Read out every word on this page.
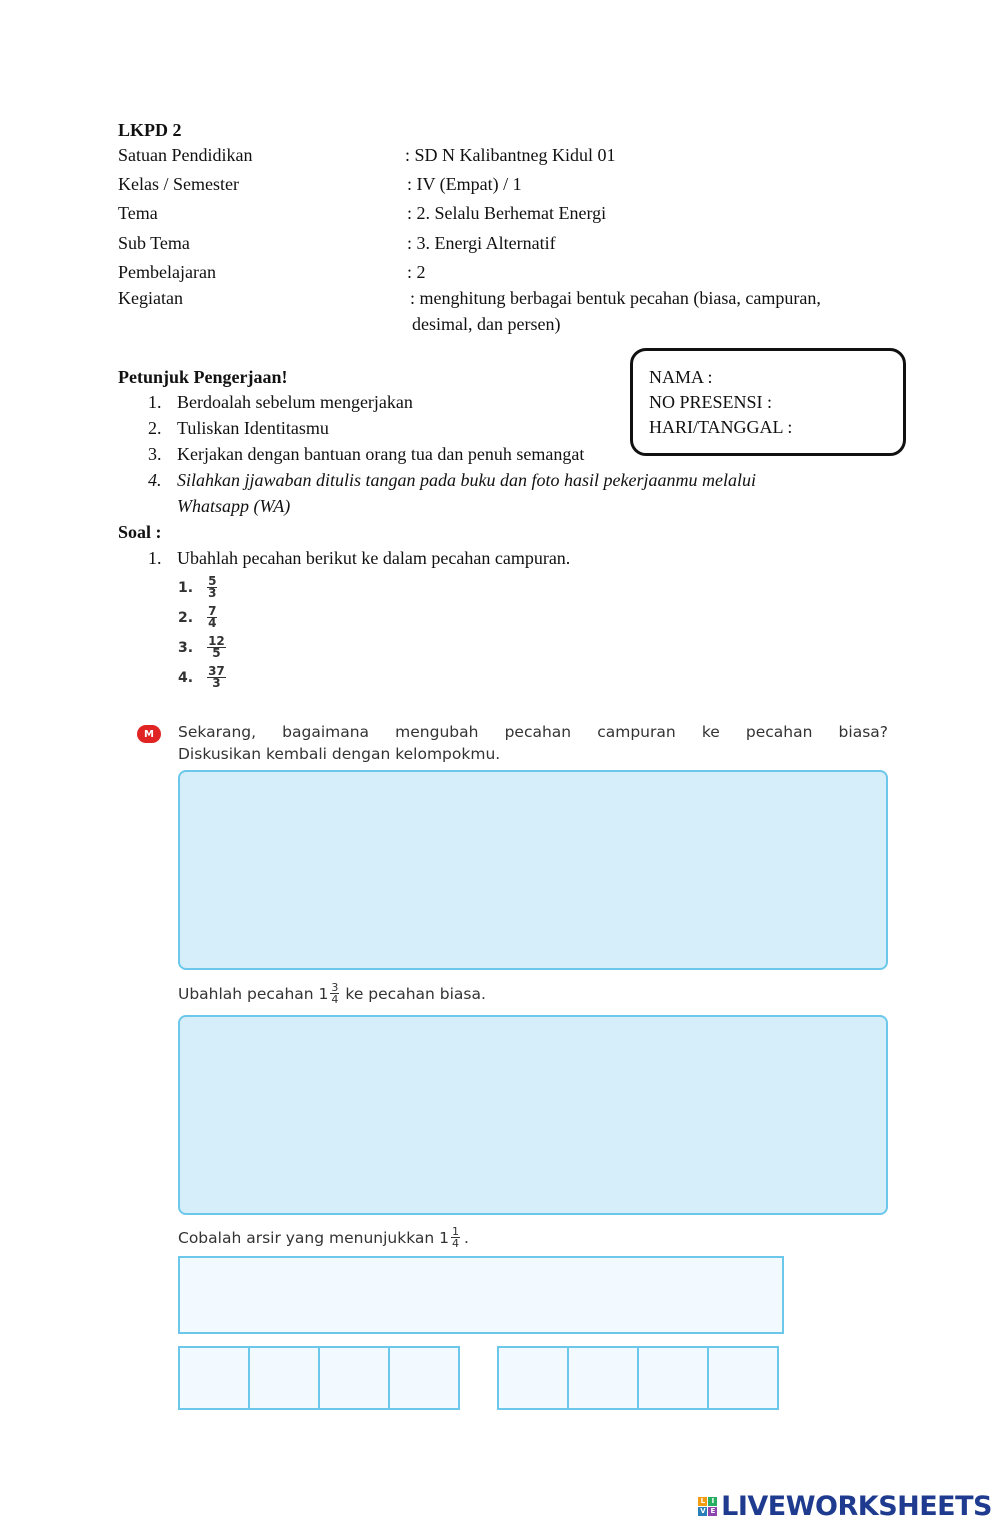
LKPD 2
Satuan Pendidikan	: SD N Kalibantneg Kidul 01
Kelas / Semester	: IV (Empat) / 1
Tema	: 2. Selalu Berhemat Energi
Sub Tema	: 3. Energi Alternatif
Pembelajaran	: 2
Kegiatan	: menghitung berbagai bentuk pecahan (biasa, campuran,
desimal, dan persen)
NAMA :
NO PRESENSI :
HARI/TANGGAL :
Petunjuk Pengerjaan!
1. Berdoalah sebelum mengerjakan
2. Tuliskan Identitasmu
3. Kerjakan dengan bantuan orang tua dan penuh semangat
4. Silahkan jjawaban ditulis tangan pada buku dan foto hasil pekerjaanmu melalui
Whatsapp (WA)
Soal :
1. Ubahlah pecahan berikut ke dalam pecahan campuran.
1. $\frac{5}{3}$
2. $\frac{7}{4}$
3. $\frac{12}{5}$
4. $\frac{37}{3}$
M	Sekarang, bagaimana mengubah pecahan campuran ke pecahan biasa?
Diskusikan kembali dengan kelompokmu.
Ubahlah pecahan $1 \frac{3}{4}$ ke pecahan biasa.
Cobalah arsir yang menunjukkan $1 \frac{1}{4}$ .
L I
V E LIVEWORKSHEETS
